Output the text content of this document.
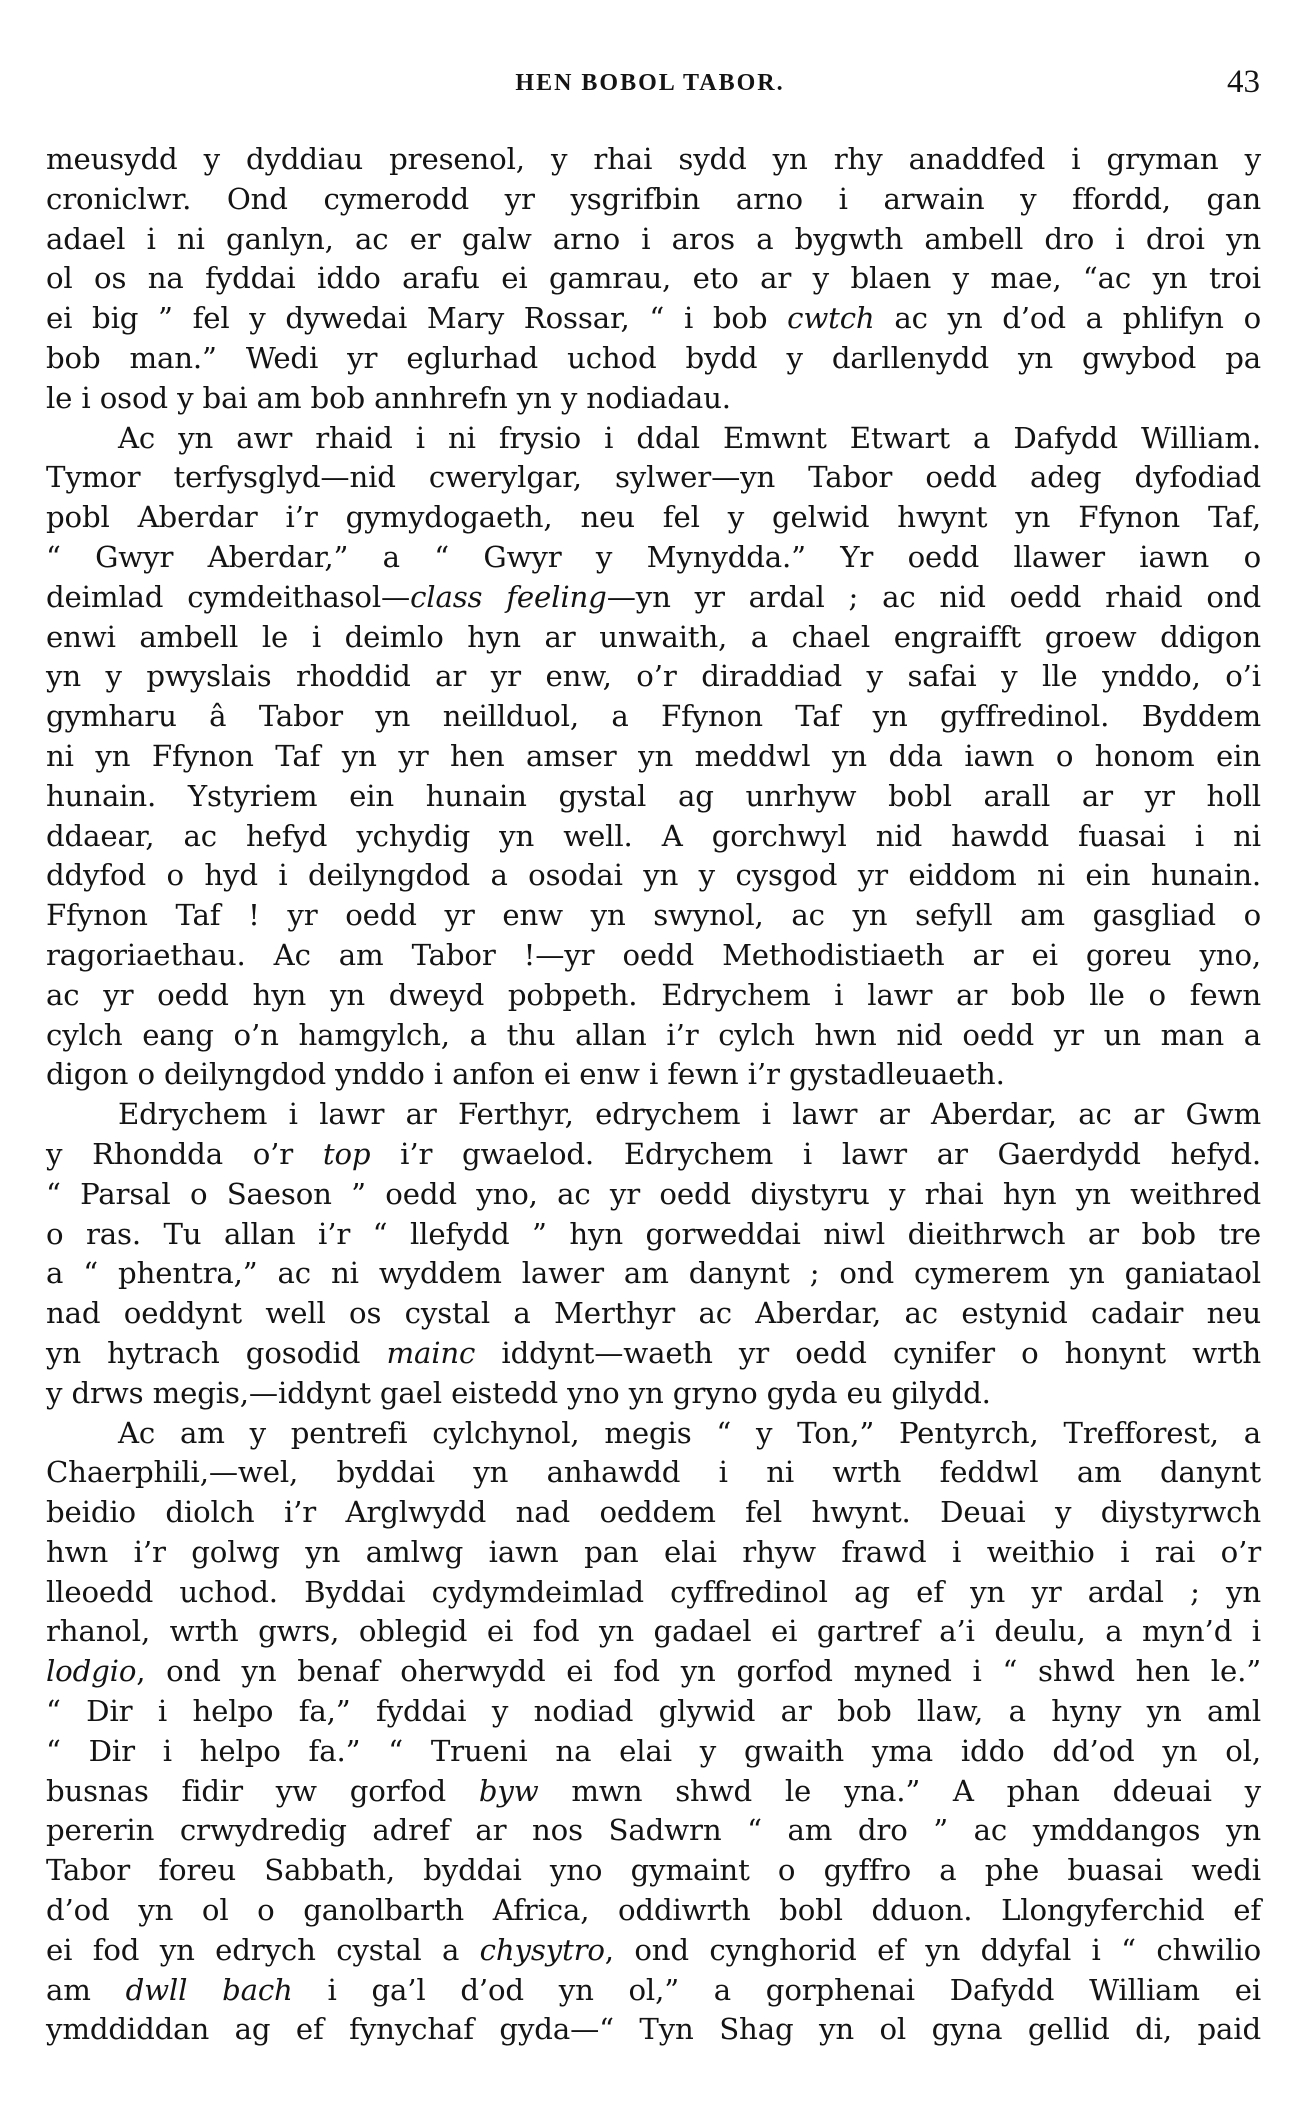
HEN BOBOL TABOR.	43
meusydd y dyddiau presenol, y rhai sydd yn rhy anaddfed i gryman y
croniclwr. Ond cymerodd yr ysgrifbin arno i arwain y ffordd, gan
adael i ni ganlyn, ac er galw arno i aros a bygwth ambell dro i droi yn
ol os na fyddai iddo arafu ei gamrau, eto ar y blaen y mae, “ac yn troi
ei big ” fel y dywedai Mary Rossar, “ i bob cwtch ac yn d’od a phlifyn o
bob man.” Wedi yr eglurhad uchod bydd y darllenydd yn gwybod pa
le i osod y bai am bob annhrefn yn y nodiadau.
Ac yn awr rhaid i ni frysio i ddal Emwnt Etwart a Dafydd William.
Tymor terfysglyd—nid cwerylgar, sylwer—yn Tabor oedd adeg dyfodiad
pobl Aberdar i’r gymydogaeth, neu fel y gelwid hwynt yn Ffynon Taf,
“ Gwyr Aberdar,” a “ Gwyr y Mynydda.” Yr oedd llawer iawn o
deimlad cymdeithasol—class feeling—yn yr ardal ; ac nid oedd rhaid ond
enwi ambell le i deimlo hyn ar unwaith, a chael engraifft groew ddigon
yn y pwyslais rhoddid ar yr enw, o’r diraddiad y safai y lle ynddo, o’i
gymharu â Tabor yn neillduol, a Ffynon Taf yn gyffredinol. Byddem
ni yn Ffynon Taf yn yr hen amser yn meddwl yn dda iawn o honom ein
hunain. Ystyriem ein hunain gystal ag unrhyw bobl arall ar yr holl
ddaear, ac hefyd ychydig yn well. A gorchwyl nid hawdd fuasai i ni
ddyfod o hyd i deilyngdod a osodai yn y cysgod yr eiddom ni ein hunain.
Ffynon Taf ! yr oedd yr enw yn swynol, ac yn sefyll am gasgliad o
ragoriaethau. Ac am Tabor !—yr oedd Methodistiaeth ar ei goreu yno,
ac yr oedd hyn yn dweyd pobpeth. Edrychem i lawr ar bob lle o fewn
cylch eang o’n hamgylch, a thu allan i’r cylch hwn nid oedd yr un man a
digon o deilyngdod ynddo i anfon ei enw i fewn i’r gystadleuaeth.
Edrychem i lawr ar Ferthyr, edrychem i lawr ar Aberdar, ac ar Gwm
y Rhondda o’r top i’r gwaelod. Edrychem i lawr ar Gaerdydd hefyd.
“ Parsal o Saeson ” oedd yno, ac yr oedd diystyru y rhai hyn yn weithred
o ras. Tu allan i’r “ llefydd ” hyn gorweddai niwl dieithrwch ar bob tre
a “ phentra,” ac ni wyddem lawer am danynt ; ond cymerem yn ganiataol
nad oeddynt well os cystal a Merthyr ac Aberdar, ac estynid cadair neu
yn hytrach gosodid mainc iddynt—waeth yr oedd cynifer o honynt wrth
y drws megis,—iddynt gael eistedd yno yn gryno gyda eu gilydd.
Ac am y pentrefi cylchynol, megis “ y Ton,” Pentyrch, Trefforest, a
Chaerphili,—wel, byddai yn anhawdd i ni wrth feddwl am danynt
beidio diolch i’r Arglwydd nad oeddem fel hwynt. Deuai y diystyrwch
hwn i’r golwg yn amlwg iawn pan elai rhyw frawd i weithio i rai o’r
lleoedd uchod. Byddai cydymdeimlad cyffredinol ag ef yn yr ardal ; yn
rhanol, wrth gwrs, oblegid ei fod yn gadael ei gartref a’i deulu, a myn’d i
lodgio, ond yn benaf oherwydd ei fod yn gorfod myned i “ shwd hen le.”
“ Dir i helpo fa,” fyddai y nodiad glywid ar bob llaw, a hyny yn aml
“ Dir i helpo fa.” “ Trueni na elai y gwaith yma iddo dd’od yn ol,
busnas fidir yw gorfod byw mwn shwd le yna.” A phan ddeuai y
pererin crwydredig adref ar nos Sadwrn “ am dro ” ac ymddangos yn
Tabor foreu Sabbath, byddai yno gymaint o gyffro a phe buasai wedi
d’od yn ol o ganolbarth Africa, oddiwrth bobl dduon. Llongyferchid ef
ei fod yn edrych cystal a chysytro, ond cynghorid ef yn ddyfal i “ chwilio
am dwll bach i ga’l d’od yn ol,” a gorphenai Dafydd William ei
ymddiddan ag ef fynychaf gyda—“ Tyn Shag yn ol gyna gellid di, paid
